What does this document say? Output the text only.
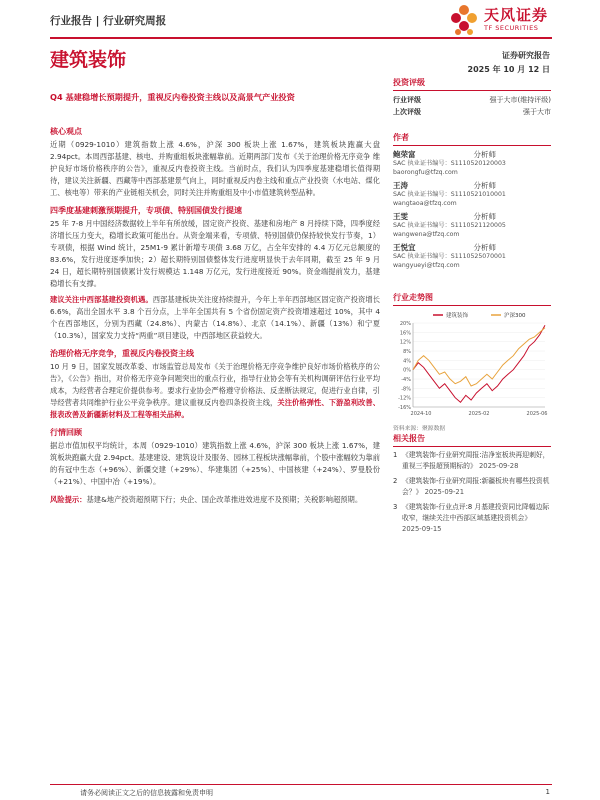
行业报告 | 行业研究周报	天风证券
TF SECURITIES
建筑装饰	证券研究报告
2025 年 10 月 12 日
Q4 基建稳增长预期提升，重视反内卷投资主线以及高景气产业投资
核心观点
近期（0929-1010）建筑指数上涨 4.6%，沪深 300 板块上涨 1.67%，建筑板块跑赢大盘 2.94pct。本周西部基建、核电、并购重组板块涨幅靠前。近期两部门发布《关于治理价格无序竞争 维护良好市场价格秩序的公告》，重视反内卷投资主线。当前时点，我们认为四季度基建稳增长值得期待，建议关注新疆、西藏等中西部基建景气向上，同时重视反内卷主线和重点产业投资（水电站、煤化工、核电等）带来的产业链相关机会，同时关注并购重组及中小市值建筑转型品种。
四季度基建刺激预期提升，专项债、特别国债发行提速
25 年 7-8 月中国经济数据较上半年有所放缓，固定资产投资、基建和房地产 8 月持续下降，四季度经济增长压力变大，稳增长政策可能出台。从资金端来看，专项债、特别国债仍保持较快发行节奏，1）专项债，根据 Wind 统计，25M1-9 累计新增专项债 3.68 万亿，占全年安排的 4.4 万亿元总额度的 83.6%，发行进度逐季加快；2）超长期特别国债整体发行进度明显快于去年同期，截至 25 年 9 月 24 日，超长期特别国债累计发行规模达 1.148 万亿元，发行进度接近 90%。资金端提前发力，基建稳增长有支撑。
建议关注中西部基建投资机遇。西部基建板块关注度持续提升，今年上半年西部地区固定资产投资增长 6.6%，高出全国水平 3.8 个百分点，上半年全国共有 5 个省份固定资产投资增速超过 10%，其中 4 个在西部地区，分别为西藏（24.8%）、内蒙古（14.8%）、北京（14.1%）、新疆（13%）和宁夏（10.3%），国家发力支持“两重”项目建设，中西部地区获益较大。
治理价格无序竞争，重视反内卷投资主线
10 月 9 日，国家发展改革委、市场监管总局发布《关于治理价格无序竞争维护良好市场价格秩序的公告》，《公告》指出，对价格无序竞争问题突出的重点行业，指导行业协会等有关机构调研评估行业平均成本，为经营者合理定价提供参考。要求行业协会严格遵守价格法、反垄断法规定，促进行业自律，引导经营者共同维护行业公平竞争秩序。建议重视反内卷四条投资主线，关注价格弹性、下游盈利改善、报表改善及新疆新材料及工程等相关品种。
行情回顾
据总市值加权平均统计，本周（0929-1010）建筑指数上涨 4.6%，沪深 300 板块上涨 1.67%，建筑板块跑赢大盘 2.94pct。基建建设、建筑设计及服务、园林工程板块涨幅靠前，个股中涨幅较为靠前的有冠中生态（+96%）、新疆交建（+29%）、华建集团（+25%）、中国核建（+24%）、罗曼股份（+21%）、中国中冶（+19%）。
风险提示：基建&地产投资超预期下行；央企、国企改革推进效进度不及预期；关税影响超预期。
投资评级
行业评级	强于大市(维持评级)
上次评级	强于大市
作者
鲍荣富	分析师
SAC 执业证书编号：S1110520120003
baorongfu@tfzq.com
王涛	分析师
SAC 执业证书编号：S1110521010001
wangtaoa@tfzq.com
王雯	分析师
SAC 执业证书编号：S1110521120005
wangwena@tfzq.com
王悦宜	分析师
SAC 执业证书编号：S1110525070001
wangyueyi@tfzq.com
行业走势图
20%
16%
12%
8%
4%
0%
-4%
-8%
-12%
-16%
2024-10	2025-02	2025-06
建筑装饰	沪深300
资料来源：聚源数据
相关报告
1 《建筑装饰-行业研究周报:洁净室板块再迎刺好，重视三季报超预期标的》 2025-09-28
2 《建筑装饰-行业研究周报:新疆板块有哪些投资机会？》 2025-09-21
3 《建筑装饰-行业点评:8 月基建投资同比降幅边际收窄，继续关注中西部区域基建投资机会》 2025-09-15
请务必阅读正文之后的信息披露和免责申明	1
